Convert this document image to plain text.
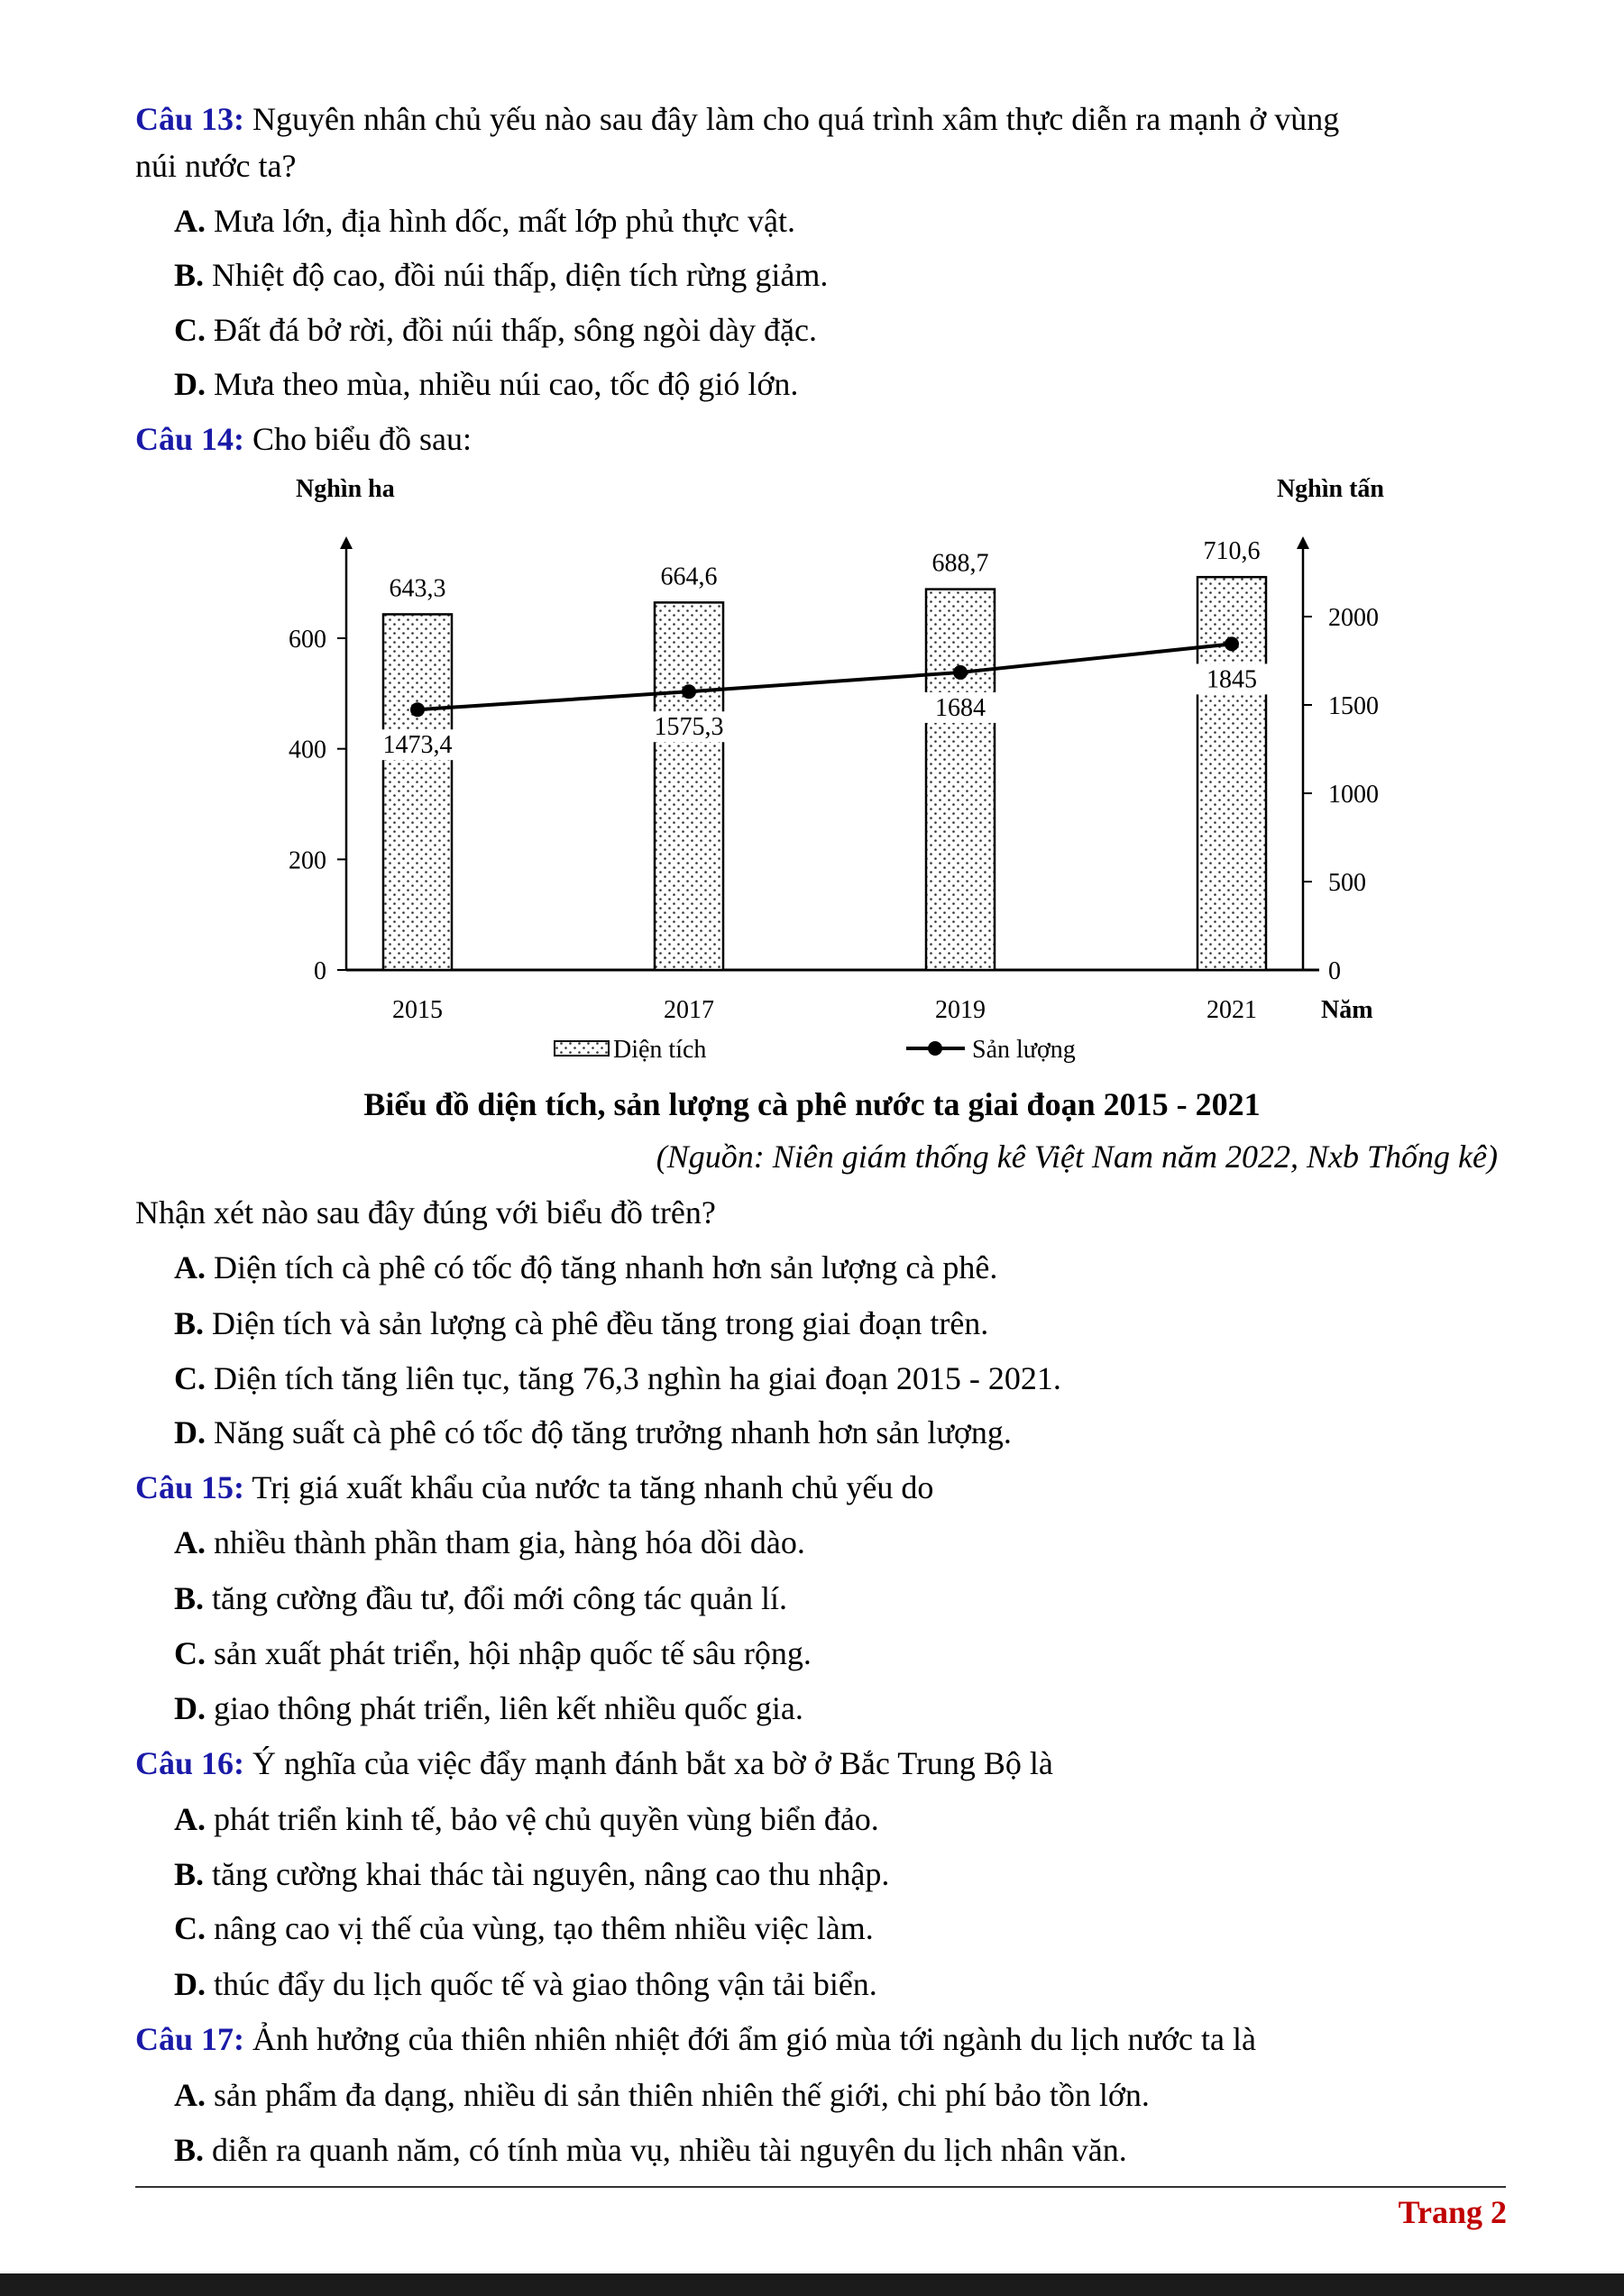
Câu 13: Nguyên nhân chủ yếu nào sau đây làm cho quá trình xâm thực diễn ra mạnh ở vùng
núi nước ta?
A. Mưa lớn, địa hình dốc, mất lớp phủ thực vật.
B. Nhiệt độ cao, đồi núi thấp, diện tích rừng giảm.
C. Đất đá bở rời, đồi núi thấp, sông ngòi dày đặc.
D. Mưa theo mùa, nhiều núi cao, tốc độ gió lớn.
Câu 14: Cho biểu đồ sau:
0
200
400
600
0
500
1000
1500
2000
Nghìn ha	Nghìn tấn
Năm
2015	2017	2019	2021
643,3	664,6	688,7	710,6
1473,4
1575,3
1684
1845
Diện tích	Sản lượng
Biểu đồ diện tích, sản lượng cà phê nước ta giai đoạn 2015 - 2021
(Nguồn: Niên giám thống kê Việt Nam năm 2022, Nxb Thống kê)
Nhận xét nào sau đây đúng với biểu đồ trên?
A. Diện tích cà phê có tốc độ tăng nhanh hơn sản lượng cà phê.
B. Diện tích và sản lượng cà phê đều tăng trong giai đoạn trên.
C. Diện tích tăng liên tục, tăng 76,3 nghìn ha giai đoạn 2015 - 2021.
D. Năng suất cà phê có tốc độ tăng trưởng nhanh hơn sản lượng.
Câu 15: Trị giá xuất khẩu của nước ta tăng nhanh chủ yếu do
A. nhiều thành phần tham gia, hàng hóa dồi dào.
B. tăng cường đầu tư, đổi mới công tác quản lí.
C. sản xuất phát triển, hội nhập quốc tế sâu rộng.
D. giao thông phát triển, liên kết nhiều quốc gia.
Câu 16: Ý nghĩa của việc đẩy mạnh đánh bắt xa bờ ở Bắc Trung Bộ là
A. phát triển kinh tế, bảo vệ chủ quyền vùng biển đảo.
B. tăng cường khai thác tài nguyên, nâng cao thu nhập.
C. nâng cao vị thế của vùng, tạo thêm nhiều việc làm.
D. thúc đẩy du lịch quốc tế và giao thông vận tải biển.
Câu 17: Ảnh hưởng của thiên nhiên nhiệt đới ẩm gió mùa tới ngành du lịch nước ta là
A. sản phẩm đa dạng, nhiều di sản thiên nhiên thế giới, chi phí bảo tồn lớn.
B. diễn ra quanh năm, có tính mùa vụ, nhiều tài nguyên du lịch nhân văn.
Trang 2
